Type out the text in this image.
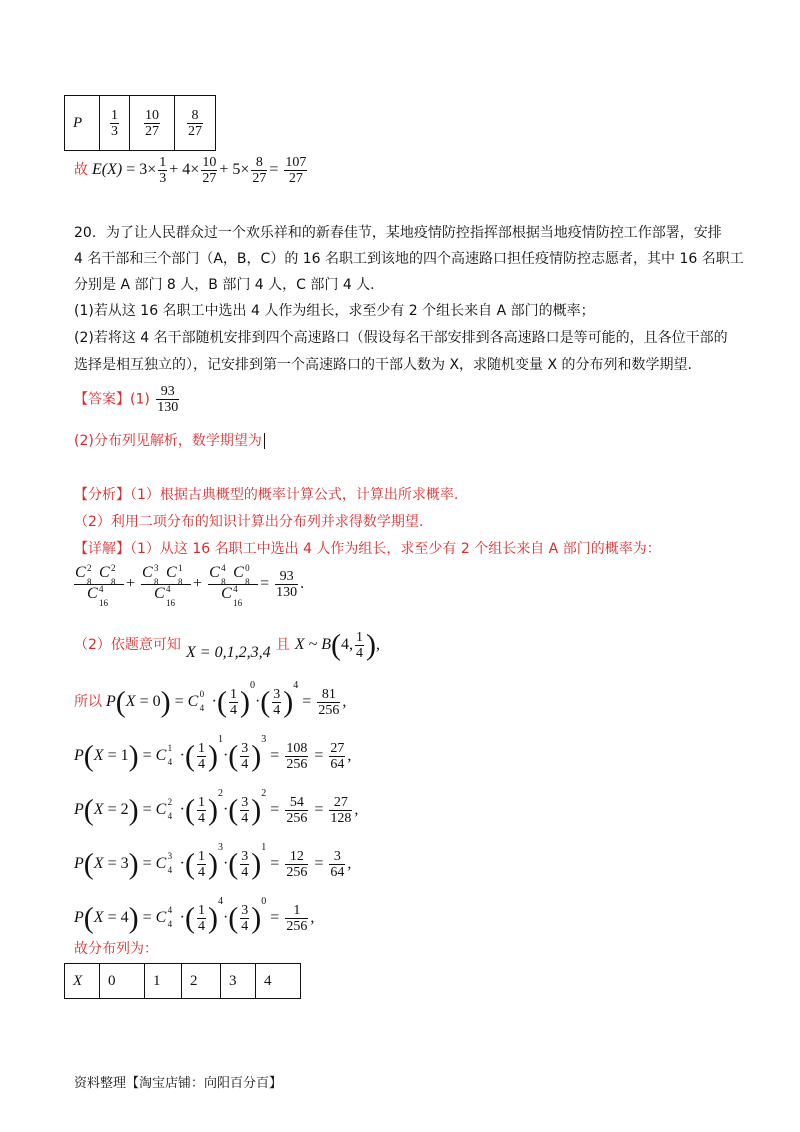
P	$\frac{1}{3}$	$\frac{10}{27}$	$\frac{8}{27}$
故 $E(X) = 3\times \frac{1}{3} + 4\times \frac{10}{27} + 5\times \frac{8}{27} = \frac{107}{27}$
20．为了让人民群众过一个欢乐祥和的新春佳节，某地疫情防控指挥部根据当地疫情防控工作部署，安排
4 名干部和三个部门（A，B，C）的 16 名职工到该地的四个高速路口担任疫情防控志愿者，其中 16 名职工
分别是 A 部门 8 人，B 部门 4 人，C 部门 4 人.
(1)若从这 16 名职工中选出 4 人作为组长，求至少有 2 个组长来自 A 部门的概率；
(2)若将这 4 名干部随机安排到四个高速路口（假设每名干部安排到各高速路口是等可能的，且各位干部的
选择是相互独立的），记安排到第一个高速路口的干部人数为 X，求随机变量 X 的分布列和数学期望.
【答案】$(1) \frac{93}{130}$
(2)分布列见解析，数学期望为
【分析】（1）根据古典概型的概率计算公式，计算出所求概率.
（2）利用二项分布的知识计算出分布列并求得数学期望.
【详解】（1）从这 16 名职工中选出 4 人作为组长，求至少有 2 个组长来自 A 部门的概率为：
C 2
8
C 2
8
C 4
16 + C 3
8
C 1
8
C 4
16 + C 4
8
C 0
8
C 4
$16 = \frac{93}{130}$ .
（2）依题意可知 X = 0,1,2,3,4 且 X ~ B(4, $\frac{1}{4}$ ),
所以 P(X = 0) = C 0
4 ·( $\frac{1}{4} )^0\cdot( \frac{3}{4} )^4 = \frac{81}{256}$ ,
P(X = 1) = C 1
4 ·( $\frac{1}{4} )^1\cdot( \frac{3}{4} )^3 = \frac{108}{256} = \frac{27}{64}$ ,
P(X = 2) = C 2
4 ·( $\frac{1}{4} )^2\cdot( \frac{3}{4} )^2 = \frac{54}{256} = \frac{27}{128}$ ,
P(X = 3) = C 3
4 ·( $\frac{1}{4} )^3\cdot( \frac{3}{4} )^1 = \frac{12}{256} = \frac{3}{64}$ ,
P(X = 4) = C 4
4 ·( $\frac{1}{4} )^4\cdot( \frac{3}{4} )^0 = \frac{1}{256}$ ,
故分布列为：
X	0	1	2	3	4
资料整理【淘宝店铺：向阳百分百】
